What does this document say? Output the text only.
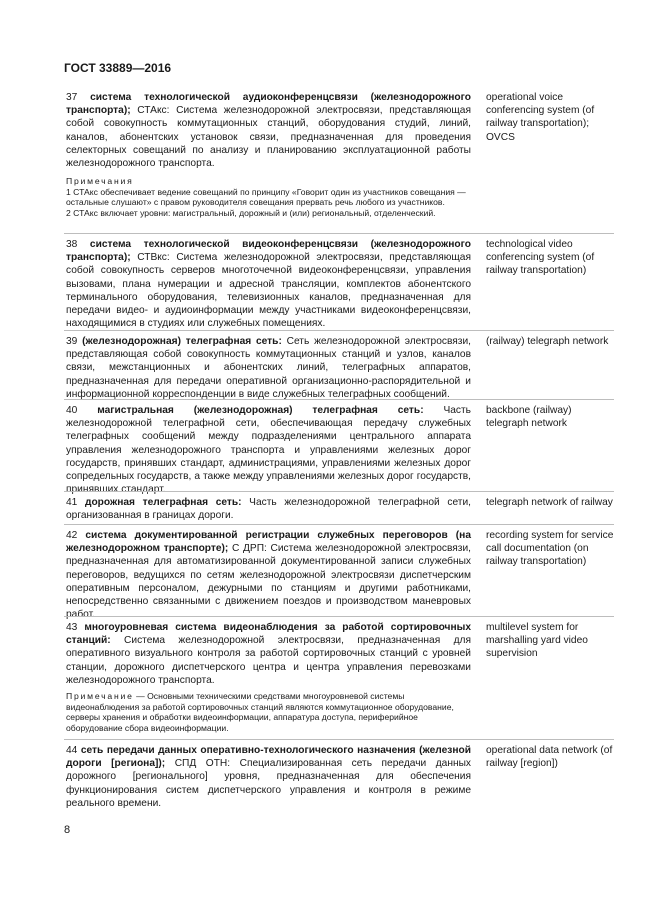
ГОСТ 33889—2016
37 система технологической аудиоконференцсвязи (железнодорожного транспорта); СТАкс: Система железнодорожной электросвязи, представляющая собой совокупность коммутационных станций, оборудования студий, линий, каналов, абонентских установок связи, предназначенная для проведения селекторных совещаний по анализу и планированию эксплуатационной работы железнодорожного транспорта.
operational voice conferencing system (of railway transportation); OVCS
Примечания
1 СТАкс обеспечивает ведение совещаний по принципу «Говорит один из участников совещания — остальные слушают» с правом руководителя совещания прервать речь любого из участников.
2 СТАкс включает уровни: магистральный, дорожный и (или) региональный, отделенческий.
38 система технологической видеоконференцсвязи (железнодорожного транспорта); СТВкс: Система железнодорожной электросвязи, представляющая собой совокупность серверов многоточечной видеоконференцсвязи, управления вызовами, плана нумерации и адресной трансляции, комплектов абонентского терминального оборудования, телевизионных каналов, предназначенная для передачи видео- и аудиоинформации между участниками видеоконференцсвязи, находящимися в студиях или служебных помещениях.
technological video conferencing system (of railway transportation)
39 (железнодорожная) телеграфная сеть: Сеть железнодорожной электросвязи, представляющая собой совокупность коммутационных станций и узлов, каналов связи, межстанционных и абонентских линий, телеграфных аппаратов, предназначенная для передачи оперативной организационно-распорядительной и информационной корреспонденции в виде служебных телеграфных сообщений.
(railway) telegraph network
40 магистральная (железнодорожная) телеграфная сеть: Часть железнодорожной телеграфной сети, обеспечивающая передачу служебных телеграфных сообщений между подразделениями центрального аппарата управления железнодорожного транспорта и управлениями железных дорог государств, принявших стандарт, администрациями, управлениями железных дорог сопредельных государств, а также между управлениями железных дорог государств, принявших стандарт.
backbone (railway) telegraph network
41 дорожная телеграфная сеть: Часть железнодорожной телеграфной сети, организованная в границах дороги.
telegraph network of railway
42 система документированной регистрации служебных переговоров (на железнодорожном транспорте); С ДРП: Система железнодорожной электросвязи, предназначенная для автоматизированной документированной записи служебных переговоров, ведущихся по сетям железнодорожной электросвязи диспетчерским оперативным персоналом, дежурными по станциям и другими работниками, непосредственно связанными с движением поездов и производством маневровых работ.
recording system for service call documentation (on railway transportation)
43 многоуровневая система видеонаблюдения за работой сортировочных станций: Система железнодорожной электросвязи, предназначенная для оперативного визуального контроля за работой сортировочных станций с уровней станции, дорожного диспетчерского центра и центра управления перевозками железнодорожного транспорта.
multilevel system for marshalling yard video supervision
Примечание — Основными техническими средствами многоуровневой системы видеонаблюдения за работой сортировочных станций являются коммутационное оборудование, серверы хранения и обработки видеоинформации, аппаратура доступа, периферийное оборудование сбора видеоинформации.
44 сеть передачи данных оперативно-технологического назначения (железной дороги [региона]); СПД ОТН: Специализированная сеть передачи данных дорожного [регионального] уровня, предназначенная для обеспечения функционирования систем диспетчерского управления и контроля в режиме реального времени.
operational data network (of railway [region])
8
